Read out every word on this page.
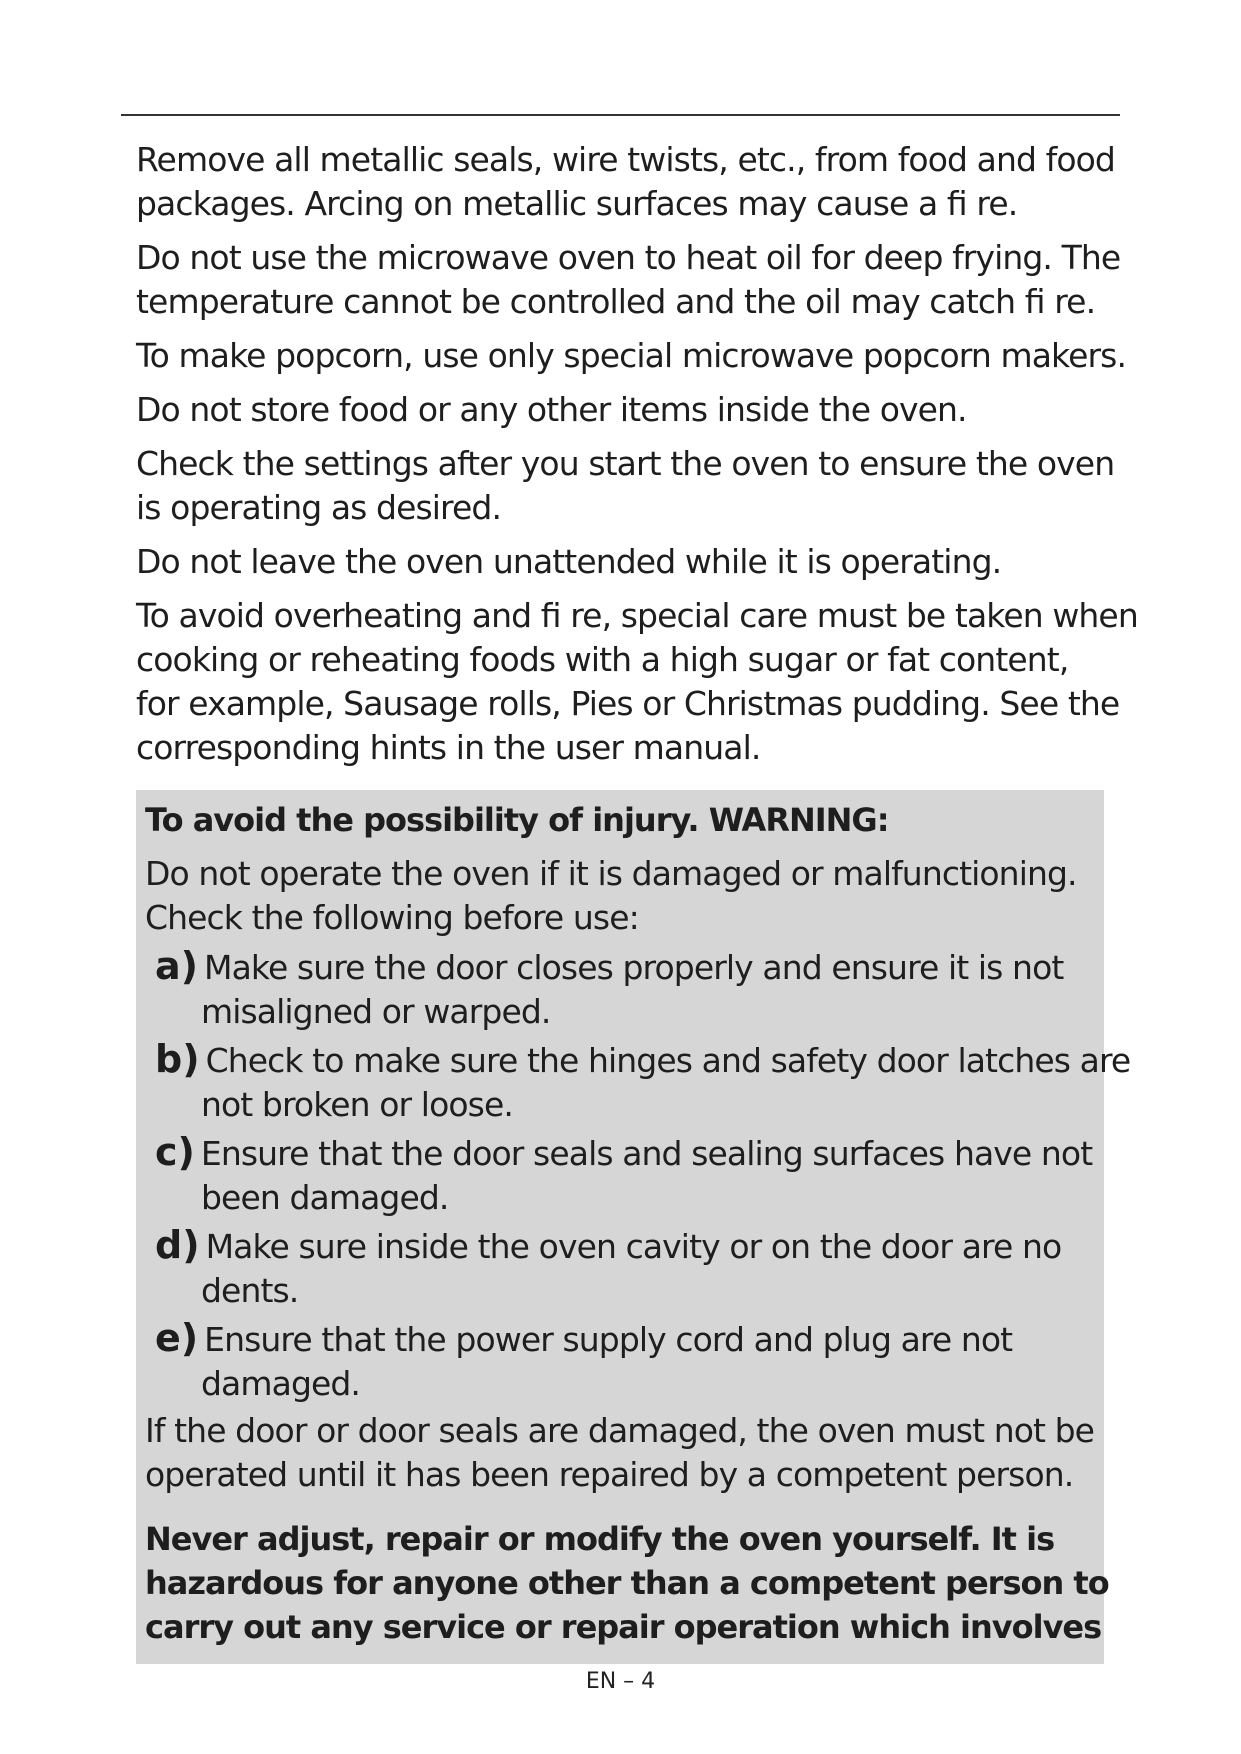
Remove all metallic seals, wire twists, etc., from food and food
packages. Arcing on metallic surfaces may cause a ﬁ re.

Do not use the microwave oven to heat oil for deep frying. The
temperature cannot be controlled and the oil may catch ﬁ re.

To make popcorn, use only special microwave popcorn makers.

Do not store food or any other items inside the oven.

Check the settings after you start the oven to ensure the oven
is operating as desired.

Do not leave the oven unattended while it is operating.

To avoid overheating and ﬁ re, special care must be taken when
cooking or reheating foods with a high sugar or fat content,
for example, Sausage rolls, Pies or Christmas pudding. See the
corresponding hints in the user manual.

To avoid the possibility of injury. WARNING:

Do not operate the oven if it is damaged or malfunctioning.
Check the following before use:

a) Make sure the door closes properly and ensure it is not
misaligned or warped.
b) Check to make sure the hinges and safety door latches are
not broken or loose.
c) Ensure that the door seals and sealing surfaces have not
been damaged.
d) Make sure inside the oven cavity or on the door are no
dents.
e) Ensure that the power supply cord and plug are not
damaged.

If the door or door seals are damaged, the oven must not be
operated until it has been repaired by a competent person.

Never adjust, repair or modify the oven yourself. It is
hazardous for anyone other than a competent person to
carry out any service or repair operation which involves

EN – 4
